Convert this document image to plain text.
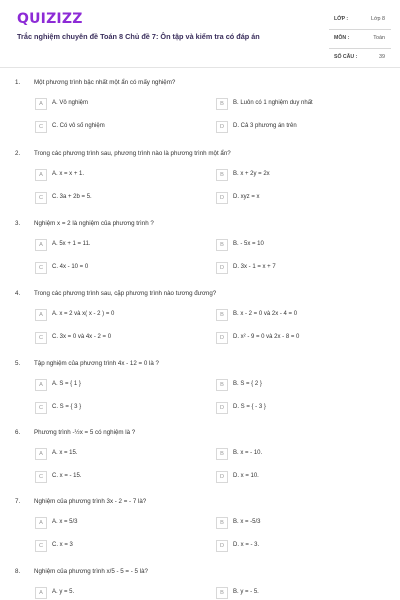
QUIZIZZ
Trắc nghiệm chuyên đề Toán 8 Chủ đề 7: Ôn tập và kiểm tra có đáp án
LỚP :	Lớp 8
MÔN :	Toán
SỐ CÂU :	39
1. Một phương trình bậc nhất một ẩn có mấy nghiệm?
A	A. Vô nghiệm	B	B. Luôn có 1 nghiệm duy nhất
C	C. Có vô số nghiệm	D	D. Cả 3 phương án trên
2. Trong các phương trình sau, phương trình nào là phương trình một ẩn?
A	A. x = x + 1.	B	B. x + 2y = 2x
C	C. 3a + 2b = 5.	D	D. xyz = x
3. Nghiệm x = 2 là nghiệm của phương trình ?
A	A. 5x + 1 = 11.	B	B. - 5x = 10
C	C. 4x - 10 = 0	D	D. 3x - 1 = x + 7
4. Trong các phương trình sau, cặp phương trình nào tương đương?
A	A. x = 2 và x( x - 2 ) = 0	B	B. x - 2 = 0 và 2x - 4 = 0
C	C. 3x = 0 và 4x - 2 = 0	D	D. x² - 9 = 0 và 2x - 8 = 0
5. Tập nghiệm của phương trình 4x - 12 = 0 là ?
A	A. S = { 1 }	B	B. S = { 2 }
C	C. S = { 3 }	D	D. S = { - 3 }
6. Phương trình -½x = 5 có nghiệm là ?
A	A. x = 15.	B	B. x = - 10.
C	C. x = - 15.	D	D. x = 10.
7. Nghiệm của phương trình 3x - 2 = - 7 là?
A	A. x = 5/3	B	B. x = -5/3
C	C. x = 3	D	D. x = - 3.
8. Nghiệm của phương trình x/5 - 5 = - 5 là?
A	A. y = 5.	B	B. y = - 5.
